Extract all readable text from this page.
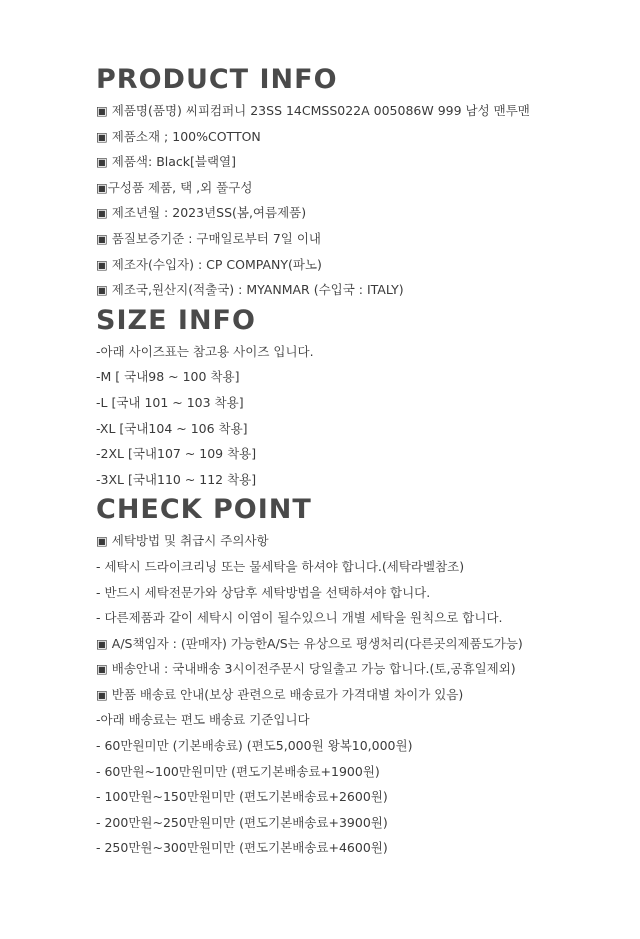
PRODUCT INFO

▣ 제품명(품명) 씨피컴퍼니 23SS 14CMSS022A 005086W 999 남성 맨투맨

▣ 제품소재 ; 100%COTTON

▣ 제품색: Black[블랙열]

▣구성품 제품, 택 ,외 풀구성

▣ 제조년월 : 2023년SS(봄,여름제품)

▣ 품질보증기준 : 구매일로부터 7일 이내

▣ 제조자(수입자) : CP COMPANY(파노)

▣ 제조국,원산지(적출국) : MYANMAR (수입국 : ITALY)

SIZE INFO

-아래 사이즈표는 참고용 사이즈 입니다.

-M [ 국내98 ~ 100 착용]

-L [국내 101 ~ 103 착용]

-XL [국내104 ~ 106 착용]

-2XL [국내107 ~ 109 착용]

-3XL [국내110 ~ 112 착용]

CHECK POINT

▣ 세탁방법 및 취급시 주의사항

- 세탁시 드라이크리닝 또는 물세탁을 하셔야 합니다.(세탁라벨참조)

- 반드시 세탁전문가와 상담후 세탁방법을 선택하셔야 합니다.

- 다른제품과 같이 세탁시 이염이 될수있으니 개별 세탁을 원칙으로 합니다.

▣ A/S책임자 : (판매자) 가능한A/S는 유상으로 평생처리(다른곳의제품도가능)

▣ 배송안내 : 국내배송 3시이전주문시 당일출고 가능 합니다.(토,공휴일제외)

▣ 반품 배송료 안내(보상 관련으로 배송료가 가격대별 차이가 있음)

-아래 배송료는 편도 배송료 기준입니다

- 60만원미만 (기본배송료) (편도5,000원 왕복10,000원)

- 60만원~100만원미만 (편도기본배송료+1900원)

- 100만원~150만원미만 (편도기본배송료+2600원)

- 200만원~250만원미만 (편도기본배송료+3900원)

- 250만원~300만원미만 (편도기본배송료+4600원)
